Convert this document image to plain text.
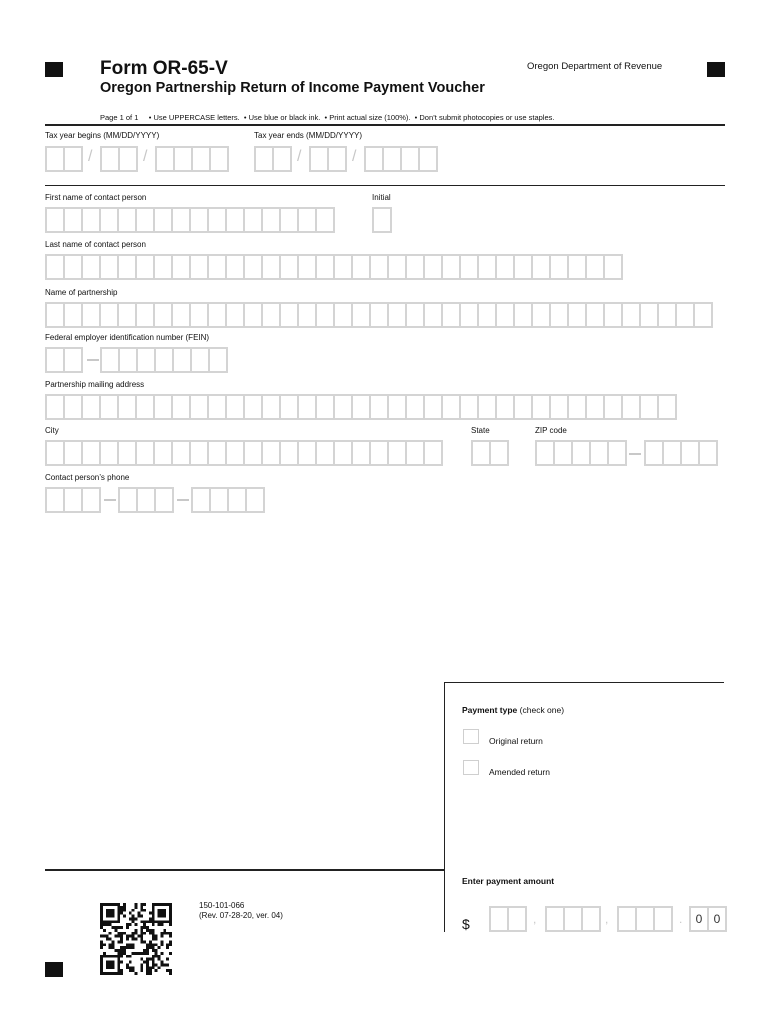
Form OR-65-V
Oregon Partnership Return of Income Payment Voucher
Oregon Department of Revenue
Page 1 of 1     • Use UPPERCASE letters.  • Use blue or black ink.  • Print actual size (100%).  • Don’t submit photocopies or use staples.
Tax year begins (MM/DD/YYYY)	Tax year ends (MM/DD/YYYY)
/	/	/	/
First name of contact person	Initial
Last name of contact person
Name of partnership
Federal employer identification number (FEIN)
Partnership mailing address
City	State	ZIP code
Contact person’s phone
Payment type (check one)
Original return
Amended return
Enter payment amount
$	,	,	.	0 0
150-101-066
(Rev. 07-28-20, ver. 04)
